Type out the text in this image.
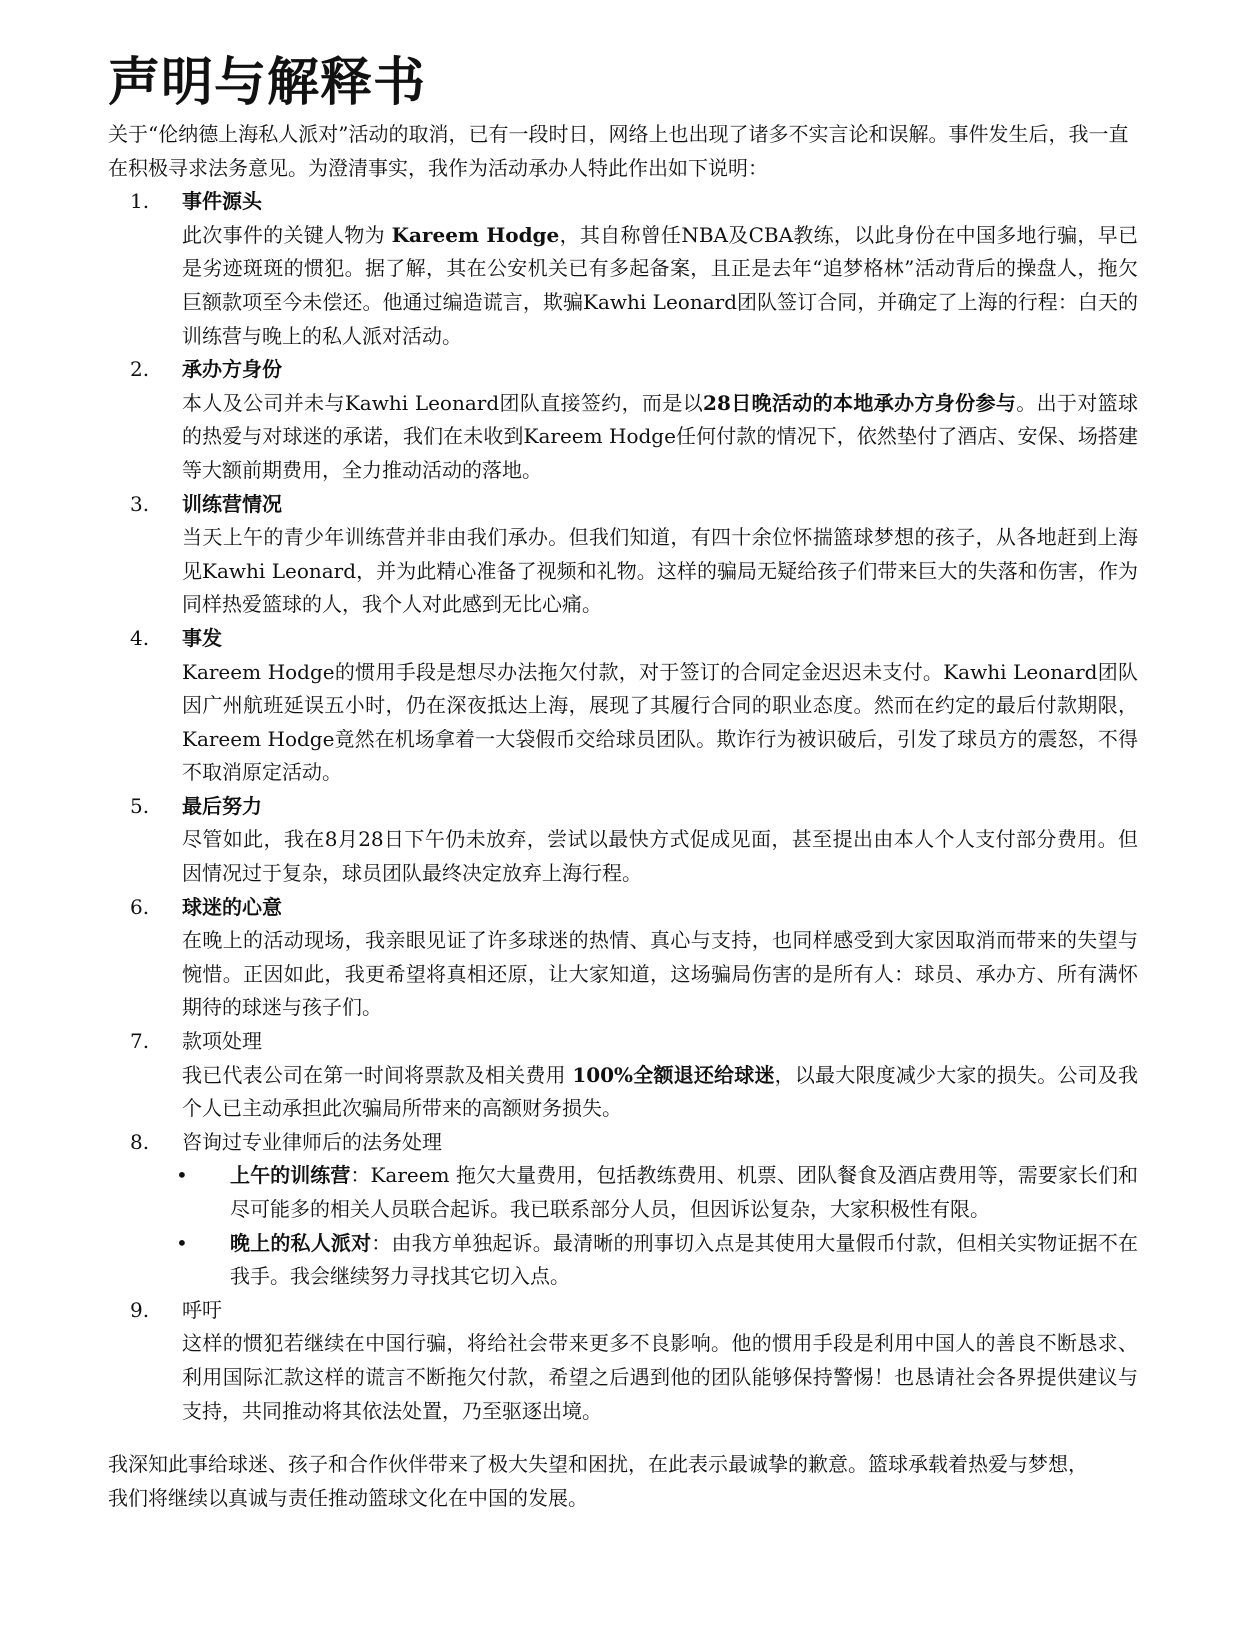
声明与解释书

关于“伦纳德上海私人派对”活动的取消，已有一段时日，网络上也出现了诸多不实言论和误解。事件发生后，我一直在积极寻求法务意见。为澄清事实，我作为活动承办人特此作出如下说明：

1. 事件源头
此次事件的关键人物为 Kareem Hodge，其自称曾任NBA及CBA教练，以此身份在中国多地行骗，早已是劣迹斑斑的惯犯。据了解，其在公安机关已有多起备案，且正是去年“追梦格林”活动背后的操盘人，拖欠巨额款项至今未偿还。他通过编造谎言，欺骗Kawhi Leonard团队签订合同，并确定了上海的行程：白天的训练营与晚上的私人派对活动。
2. 承办方身份
本人及公司并未与Kawhi Leonard团队直接签约，而是以28日晚活动的本地承办方身份参与。出于对篮球的热爱与对球迷的承诺，我们在未收到Kareem Hodge任何付款的情况下，依然垫付了酒店、安保、场搭建等大额前期费用，全力推动活动的落地。
3. 训练营情况
当天上午的青少年训练营并非由我们承办。但我们知道，有四十余位怀揣篮球梦想的孩子，从各地赶到上海见Kawhi Leonard，并为此精心准备了视频和礼物。这样的骗局无疑给孩子们带来巨大的失落和伤害，作为同样热爱篮球的人，我个人对此感到无比心痛。
4. 事发
Kareem Hodge的惯用手段是想尽办法拖欠付款，对于签订的合同定金迟迟未支付。Kawhi Leonard团队因广州航班延误五小时，仍在深夜抵达上海，展现了其履行合同的职业态度。然而在约定的最后付款期限，Kareem Hodge竟然在机场拿着一大袋假币交给球员团队。欺诈行为被识破后，引发了球员方的震怒，不得不取消原定活动。
5. 最后努力
尽管如此，我在8月28日下午仍未放弃，尝试以最快方式促成见面，甚至提出由本人个人支付部分费用。但因情况过于复杂，球员团队最终决定放弃上海行程。
6. 球迷的心意
在晚上的活动现场，我亲眼见证了许多球迷的热情、真心与支持，也同样感受到大家因取消而带来的失望与惋惜。正因如此，我更希望将真相还原，让大家知道，这场骗局伤害的是所有人：球员、承办方、所有满怀期待的球迷与孩子们。
7. 款项处理
我已代表公司在第一时间将票款及相关费用 100%全额退还给球迷，以最大限度减少大家的损失。公司及我个人已主动承担此次骗局所带来的高额财务损失。
8. 咨询过专业律师后的法务处理
• 上午的训练营：Kareem 拖欠大量费用，包括教练费用、机票、团队餐食及酒店费用等，需要家长们和尽可能多的相关人员联合起诉。我已联系部分人员，但因诉讼复杂，大家积极性有限。
• 晚上的私人派对：由我方单独起诉。最清晰的刑事切入点是其使用大量假币付款，但相关实物证据不在我手。我会继续努力寻找其它切入点。
9. 呼吁
这样的惯犯若继续在中国行骗，将给社会带来更多不良影响。他的惯用手段是利用中国人的善良不断恳求、利用国际汇款这样的谎言不断拖欠付款，希望之后遇到他的团队能够保持警惕！也恳请社会各界提供建议与支持，共同推动将其依法处置，乃至驱逐出境。

我深知此事给球迷、孩子和合作伙伴带来了极大失望和困扰，在此表示最诚挚的歉意。篮球承载着热爱与梦想，我们将继续以真诚与责任推动篮球文化在中国的发展。
